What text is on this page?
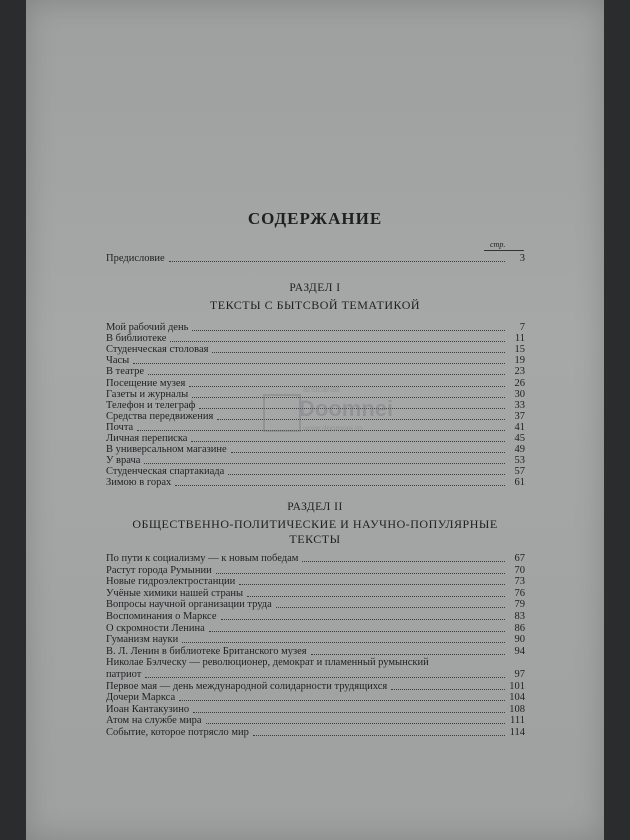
СОДЕРЖАНИЕ
стр.
Предисловие	3
РАЗДЕЛ I
ТЕКСТЫ С БЫТСВОЙ ТЕМАТИКОЙ
Мой рабочий день	7
В библиотеке	11
Студенческая столовая	15
Часы	19
В театре	23
Посещение музея	26
Газеты и журналы	30
Телефон и телеграф	33
Средства передвижения	37
Почта	41
Личная переписка	45
В универсальном магазине	49
У врача	53
Студенческая спартакиада	57
Зимою в горах	61
РАЗДЕЛ II
ОБЩЕСТВЕННО-ПОЛИТИЧЕСКИЕ И НАУЧНО-ПОПУЛЯРНЫЕ ТЕКСТЫ
По пути к социализму — к новым победам	67
Растут города Румынии	70
Новые гидроэлектростанции	73
Учёные химики нашей страны	76
Вопросы научной организации труда	79
Воспоминания о Марксе	83
О скромности Ленина	86
Гуманизм науки	90
В. Л. Ленин в библиотеке Британского музея	94
Николае Бэлческу — революционер, демократ и пламенный румынский
патриот	97
Первое мая — день международной солидарности трудящихся	101
Дочери Маркса	104
Иоан Кантакузино	108
Атом на службе мира	111
Событие, которое потрясло мир	114
anticariat
Doomnei
www.doomnei.ro
